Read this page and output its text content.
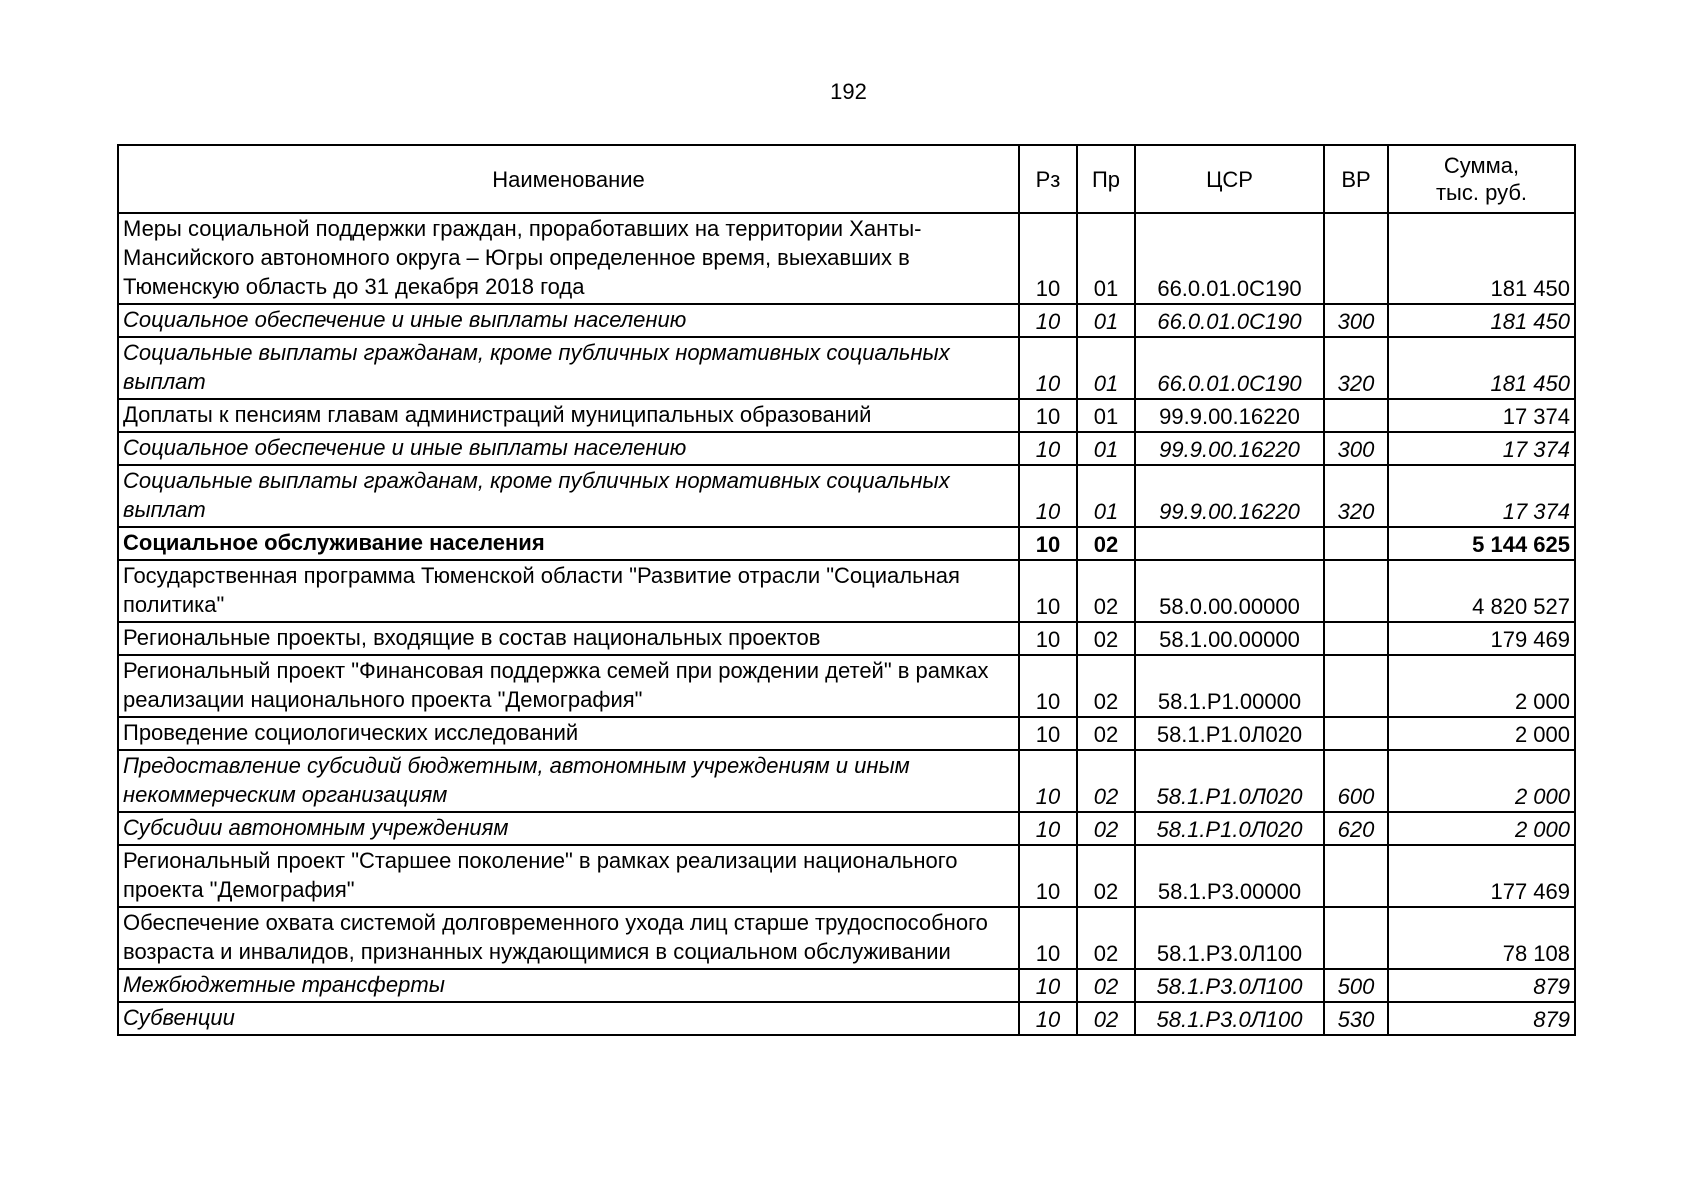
192
Наименование	Рз	Пр	ЦСР	ВР	Сумма,
тыс. руб.
Меры социальной поддержки граждан, проработавших на территории Ханты-Мансийского автономного округа – Югры определенное время, выехавших в Тюменскую область до 31 декабря 2018 года	10	01	66.0.01.0С190		181 450
Социальное обеспечение и иные выплаты населению	10	01	66.0.01.0С190	300	181 450
Социальные выплаты гражданам, кроме публичных нормативных социальных выплат	10	01	66.0.01.0С190	320	181 450
Доплаты к пенсиям главам администраций муниципальных образований	10	01	99.9.00.16220		17 374
Социальное обеспечение и иные выплаты населению	10	01	99.9.00.16220	300	17 374
Социальные выплаты гражданам, кроме публичных нормативных социальных выплат	10	01	99.9.00.16220	320	17 374
Социальное обслуживание населения	10	02			5 144 625
Государственная программа Тюменской области "Развитие отрасли "Социальная политика"	10	02	58.0.00.00000		4 820 527
Региональные проекты, входящие в состав национальных проектов	10	02	58.1.00.00000		179 469
Региональный проект "Финансовая поддержка семей при рождении детей" в рамках реализации национального проекта "Демография"	10	02	58.1.P1.00000		2 000
Проведение социологических исследований	10	02	58.1.P1.0Л020		2 000
Предоставление субсидий бюджетным, автономным учреждениям и иным некоммерческим организациям	10	02	58.1.P1.0Л020	600	2 000
Субсидии автономным учреждениям	10	02	58.1.P1.0Л020	620	2 000
Региональный проект "Старшее поколение" в рамках реализации национального проекта "Демография"	10	02	58.1.P3.00000		177 469
Обеспечение охвата системой долговременного ухода лиц старше трудоспособного возраста и инвалидов, признанных нуждающимися в социальном обслуживании	10	02	58.1.P3.0Л100		78 108
Межбюджетные трансферты	10	02	58.1.P3.0Л100	500	879
Субвенции	10	02	58.1.P3.0Л100	530	879
